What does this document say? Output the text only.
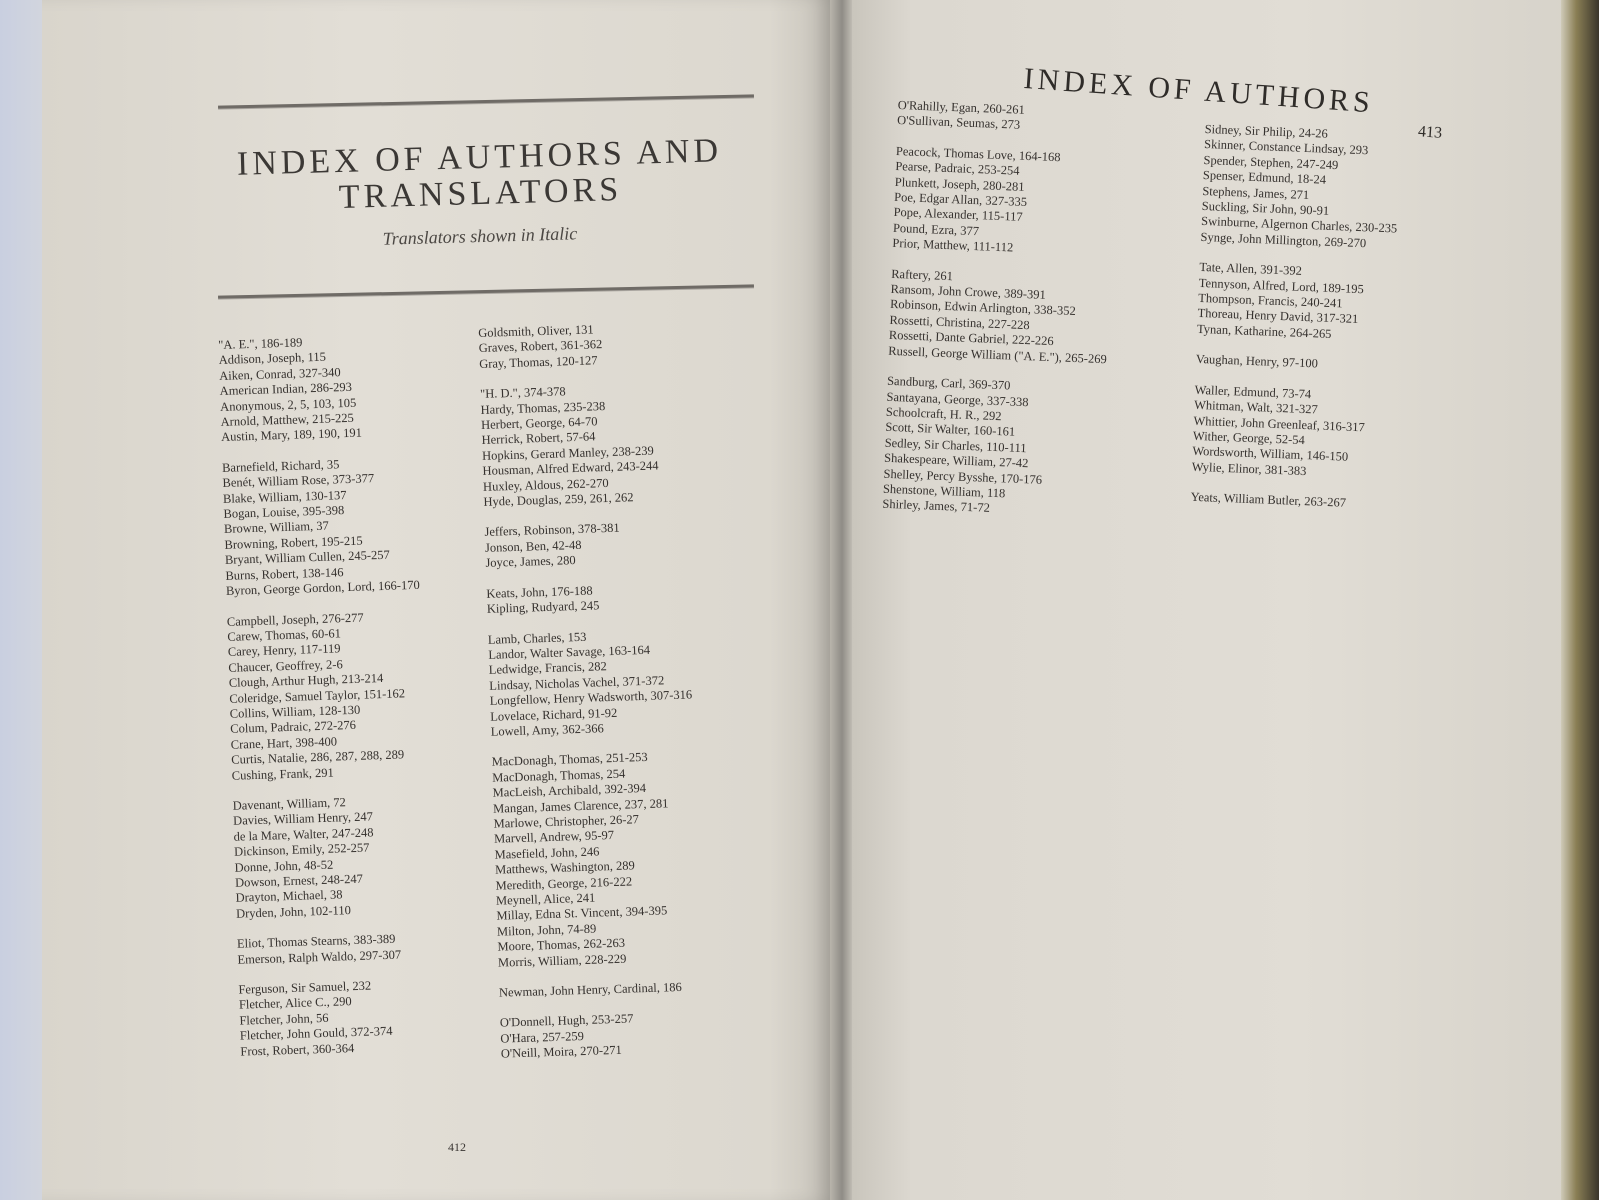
INDEX OF AUTHORS AND
TRANSLATORS
Translators shown in Italic
"A. E.", 186-189
Addison, Joseph, 115
Aiken, Conrad, 327-340
American Indian, 286-293
Anonymous, 2, 5, 103, 105
Arnold, Matthew, 215-225
Austin, Mary, 189, 190, 191
Barnefield, Richard, 35
Benét, William Rose, 373-377
Blake, William, 130-137
Bogan, Louise, 395-398
Browne, William, 37
Browning, Robert, 195-215
Bryant, William Cullen, 245-257
Burns, Robert, 138-146
Byron, George Gordon, Lord, 166-170
Campbell, Joseph, 276-277
Carew, Thomas, 60-61
Carey, Henry, 117-119
Chaucer, Geoffrey, 2-6
Clough, Arthur Hugh, 213-214
Coleridge, Samuel Taylor, 151-162
Collins, William, 128-130
Colum, Padraic, 272-276
Crane, Hart, 398-400
Curtis, Natalie, 286, 287, 288, 289
Cushing, Frank, 291
Davenant, William, 72
Davies, William Henry, 247
de la Mare, Walter, 247-248
Dickinson, Emily, 252-257
Donne, John, 48-52
Dowson, Ernest, 248-247
Drayton, Michael, 38
Dryden, John, 102-110
Eliot, Thomas Stearns, 383-389
Emerson, Ralph Waldo, 297-307
Ferguson, Sir Samuel, 232
Fletcher, Alice C., 290
Fletcher, John, 56
Fletcher, John Gould, 372-374
Frost, Robert, 360-364
Goldsmith, Oliver, 131
Graves, Robert, 361-362
Gray, Thomas, 120-127
"H. D.", 374-378
Hardy, Thomas, 235-238
Herbert, George, 64-70
Herrick, Robert, 57-64
Hopkins, Gerard Manley, 238-239
Housman, Alfred Edward, 243-244
Huxley, Aldous, 262-270
Hyde, Douglas, 259, 261, 262
Jeffers, Robinson, 378-381
Jonson, Ben, 42-48
Joyce, James, 280
Keats, John, 176-188
Kipling, Rudyard, 245
Lamb, Charles, 153
Landor, Walter Savage, 163-164
Ledwidge, Francis, 282
Lindsay, Nicholas Vachel, 371-372
Longfellow, Henry Wadsworth, 307-316
Lovelace, Richard, 91-92
Lowell, Amy, 362-366
MacDonagh, Thomas, 251-253
MacDonagh, Thomas, 254
MacLeish, Archibald, 392-394
Mangan, James Clarence, 237, 281
Marlowe, Christopher, 26-27
Marvell, Andrew, 95-97
Masefield, John, 246
Matthews, Washington, 289
Meredith, George, 216-222
Meynell, Alice, 241
Millay, Edna St. Vincent, 394-395
Milton, John, 74-89
Moore, Thomas, 262-263
Morris, William, 228-229
Newman, John Henry, Cardinal, 186
O'Donnell, Hugh, 253-257
O'Hara, 257-259
O'Neill, Moira, 270-271
412
INDEX OF AUTHORS
413
O'Rahilly, Egan, 260-261
O'Sullivan, Seumas, 273
Peacock, Thomas Love, 164-168
Pearse, Padraic, 253-254
Plunkett, Joseph, 280-281
Poe, Edgar Allan, 327-335
Pope, Alexander, 115-117
Pound, Ezra, 377
Prior, Matthew, 111-112
Raftery, 261
Ransom, John Crowe, 389-391
Robinson, Edwin Arlington, 338-352
Rossetti, Christina, 227-228
Rossetti, Dante Gabriel, 222-226
Russell, George William ("A. E."), 265-269
Sandburg, Carl, 369-370
Santayana, George, 337-338
Schoolcraft, H. R., 292
Scott, Sir Walter, 160-161
Sedley, Sir Charles, 110-111
Shakespeare, William, 27-42
Shelley, Percy Bysshe, 170-176
Shenstone, William, 118
Shirley, James, 71-72
Sidney, Sir Philip, 24-26
Skinner, Constance Lindsay, 293
Spender, Stephen, 247-249
Spenser, Edmund, 18-24
Stephens, James, 271
Suckling, Sir John, 90-91
Swinburne, Algernon Charles, 230-235
Synge, John Millington, 269-270
Tate, Allen, 391-392
Tennyson, Alfred, Lord, 189-195
Thompson, Francis, 240-241
Thoreau, Henry David, 317-321
Tynan, Katharine, 264-265
Vaughan, Henry, 97-100
Waller, Edmund, 73-74
Whitman, Walt, 321-327
Whittier, John Greenleaf, 316-317
Wither, George, 52-54
Wordsworth, William, 146-150
Wylie, Elinor, 381-383
Yeats, William Butler, 263-267
